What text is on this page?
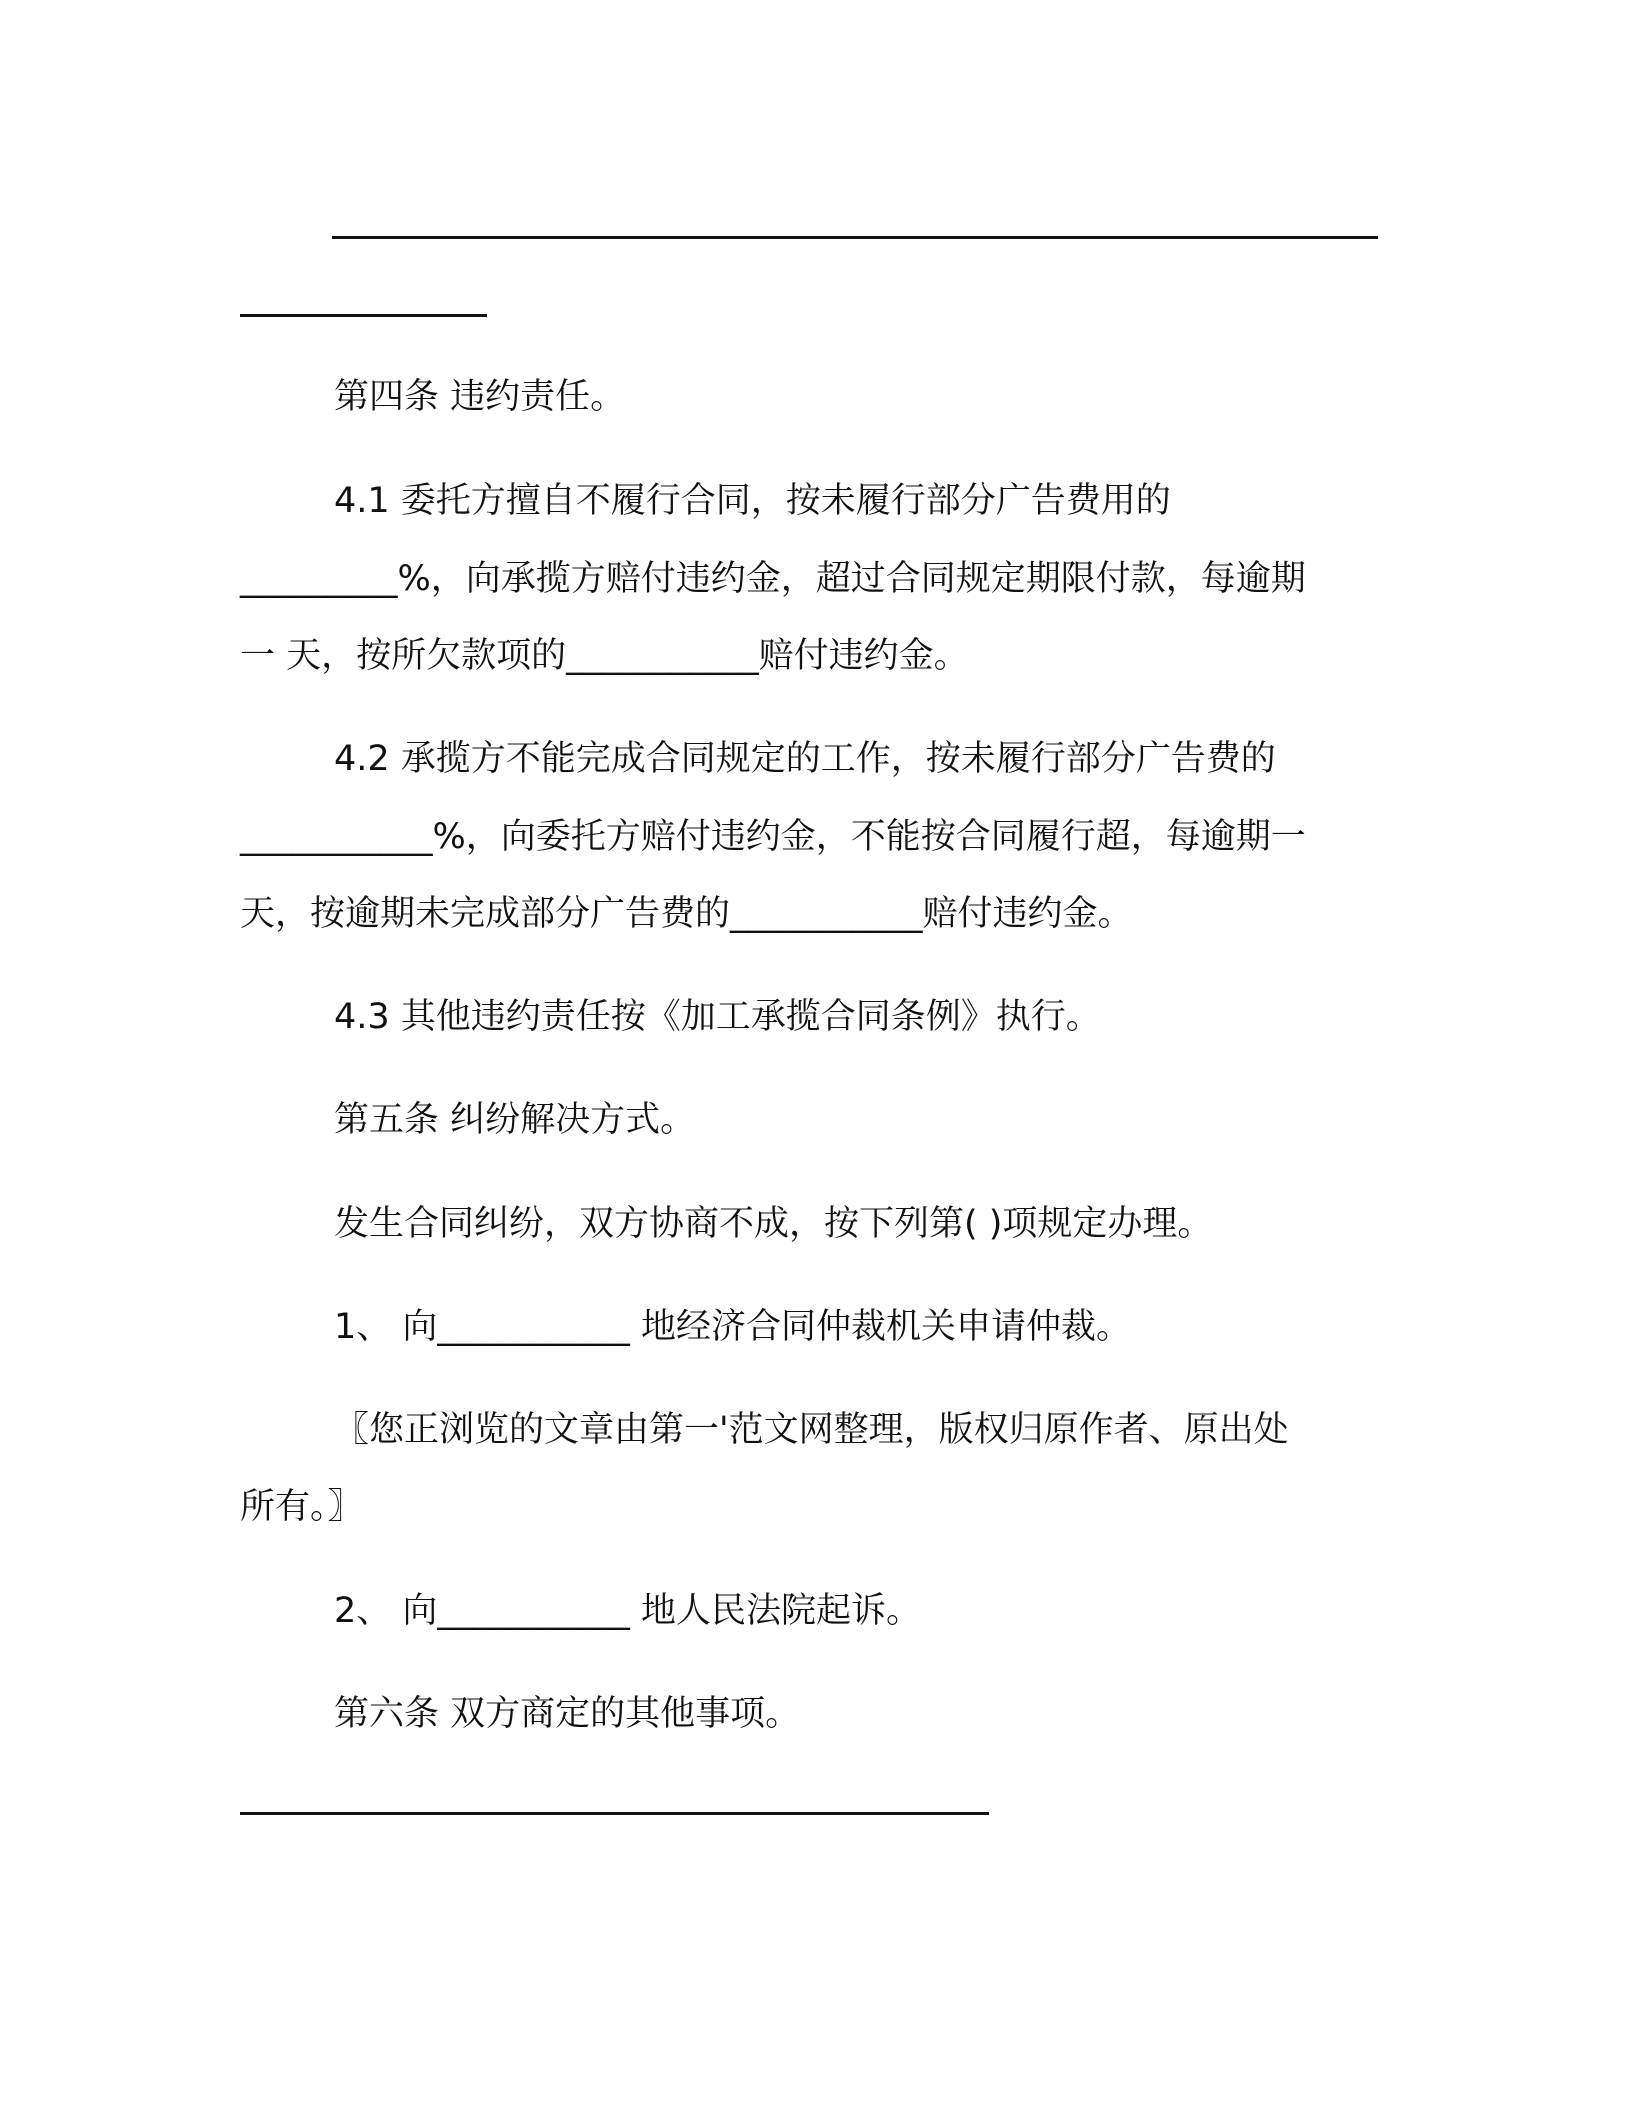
第四条 违约责任。
4.1 委托方擅自不履行合同，按未履行部分广告费用的
_________%，向承揽方赔付违约金，超过合同规定期限付款，每逾期
一 天，按所欠款项的___________赔付违约金。
4.2 承揽方不能完成合同规定的工作，按未履行部分广告费的
___________%，向委托方赔付违约金，不能按合同履行超，每逾期一
天，按逾期未完成部分广告费的___________赔付违约金。
4.3 其他违约责任按《加工承揽合同条例》执行。
第五条 纠纷解决方式。
发生合同纠纷，双方协商不成，按下列第( )项规定办理。
1、 向___________ 地经济合同仲裁机关申请仲裁。
〖您正浏览的文章由第一'范文网整理，版权归原作者、原出处
所有。〗
2、 向___________ 地人民法院起诉。
第六条 双方商定的其他事项。
